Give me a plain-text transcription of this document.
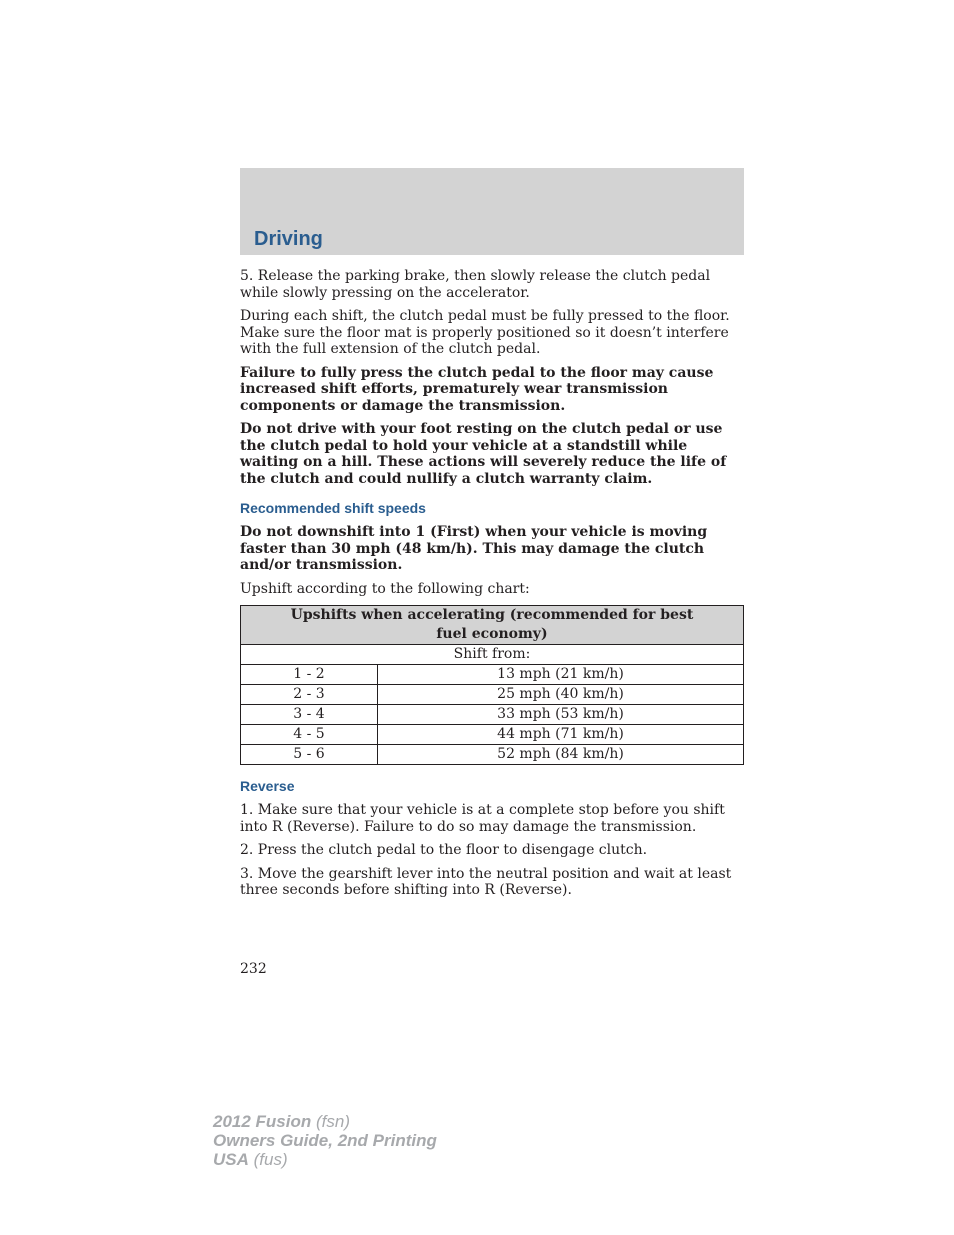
Driving

5. Release the parking brake, then slowly release the clutch pedal while slowly pressing on the accelerator.

During each shift, the clutch pedal must be fully pressed to the floor. Make sure the floor mat is properly positioned so it doesn’t interfere with the full extension of the clutch pedal.

Failure to fully press the clutch pedal to the floor may cause increased shift efforts, prematurely wear transmission components or damage the transmission.

Do not drive with your foot resting on the clutch pedal or use the clutch pedal to hold your vehicle at a standstill while waiting on a hill. These actions will severely reduce the life of the clutch and could nullify a clutch warranty claim.

Recommended shift speeds

Do not downshift into 1 (First) when your vehicle is moving faster than 30 mph (48 km/h). This may damage the clutch and/or transmission.

Upshift according to the following chart:

Upshifts when accelerating (recommended for best fuel economy)	
Shift from:	
1 - 2	13 mph (21 km/h)
2 - 3	25 mph (40 km/h)
3 - 4	33 mph (53 km/h)
4 - 5	44 mph (71 km/h)
5 - 6	52 mph (84 km/h)
Reverse

1. Make sure that your vehicle is at a complete stop before you shift into R (Reverse). Failure to do so may damage the transmission.

2. Press the clutch pedal to the floor to disengage clutch.

3. Move the gearshift lever into the neutral position and wait at least three seconds before shifting into R (Reverse).

232
2012 Fusion (fsn)
Owners Guide, 2nd Printing
USA (fus)
